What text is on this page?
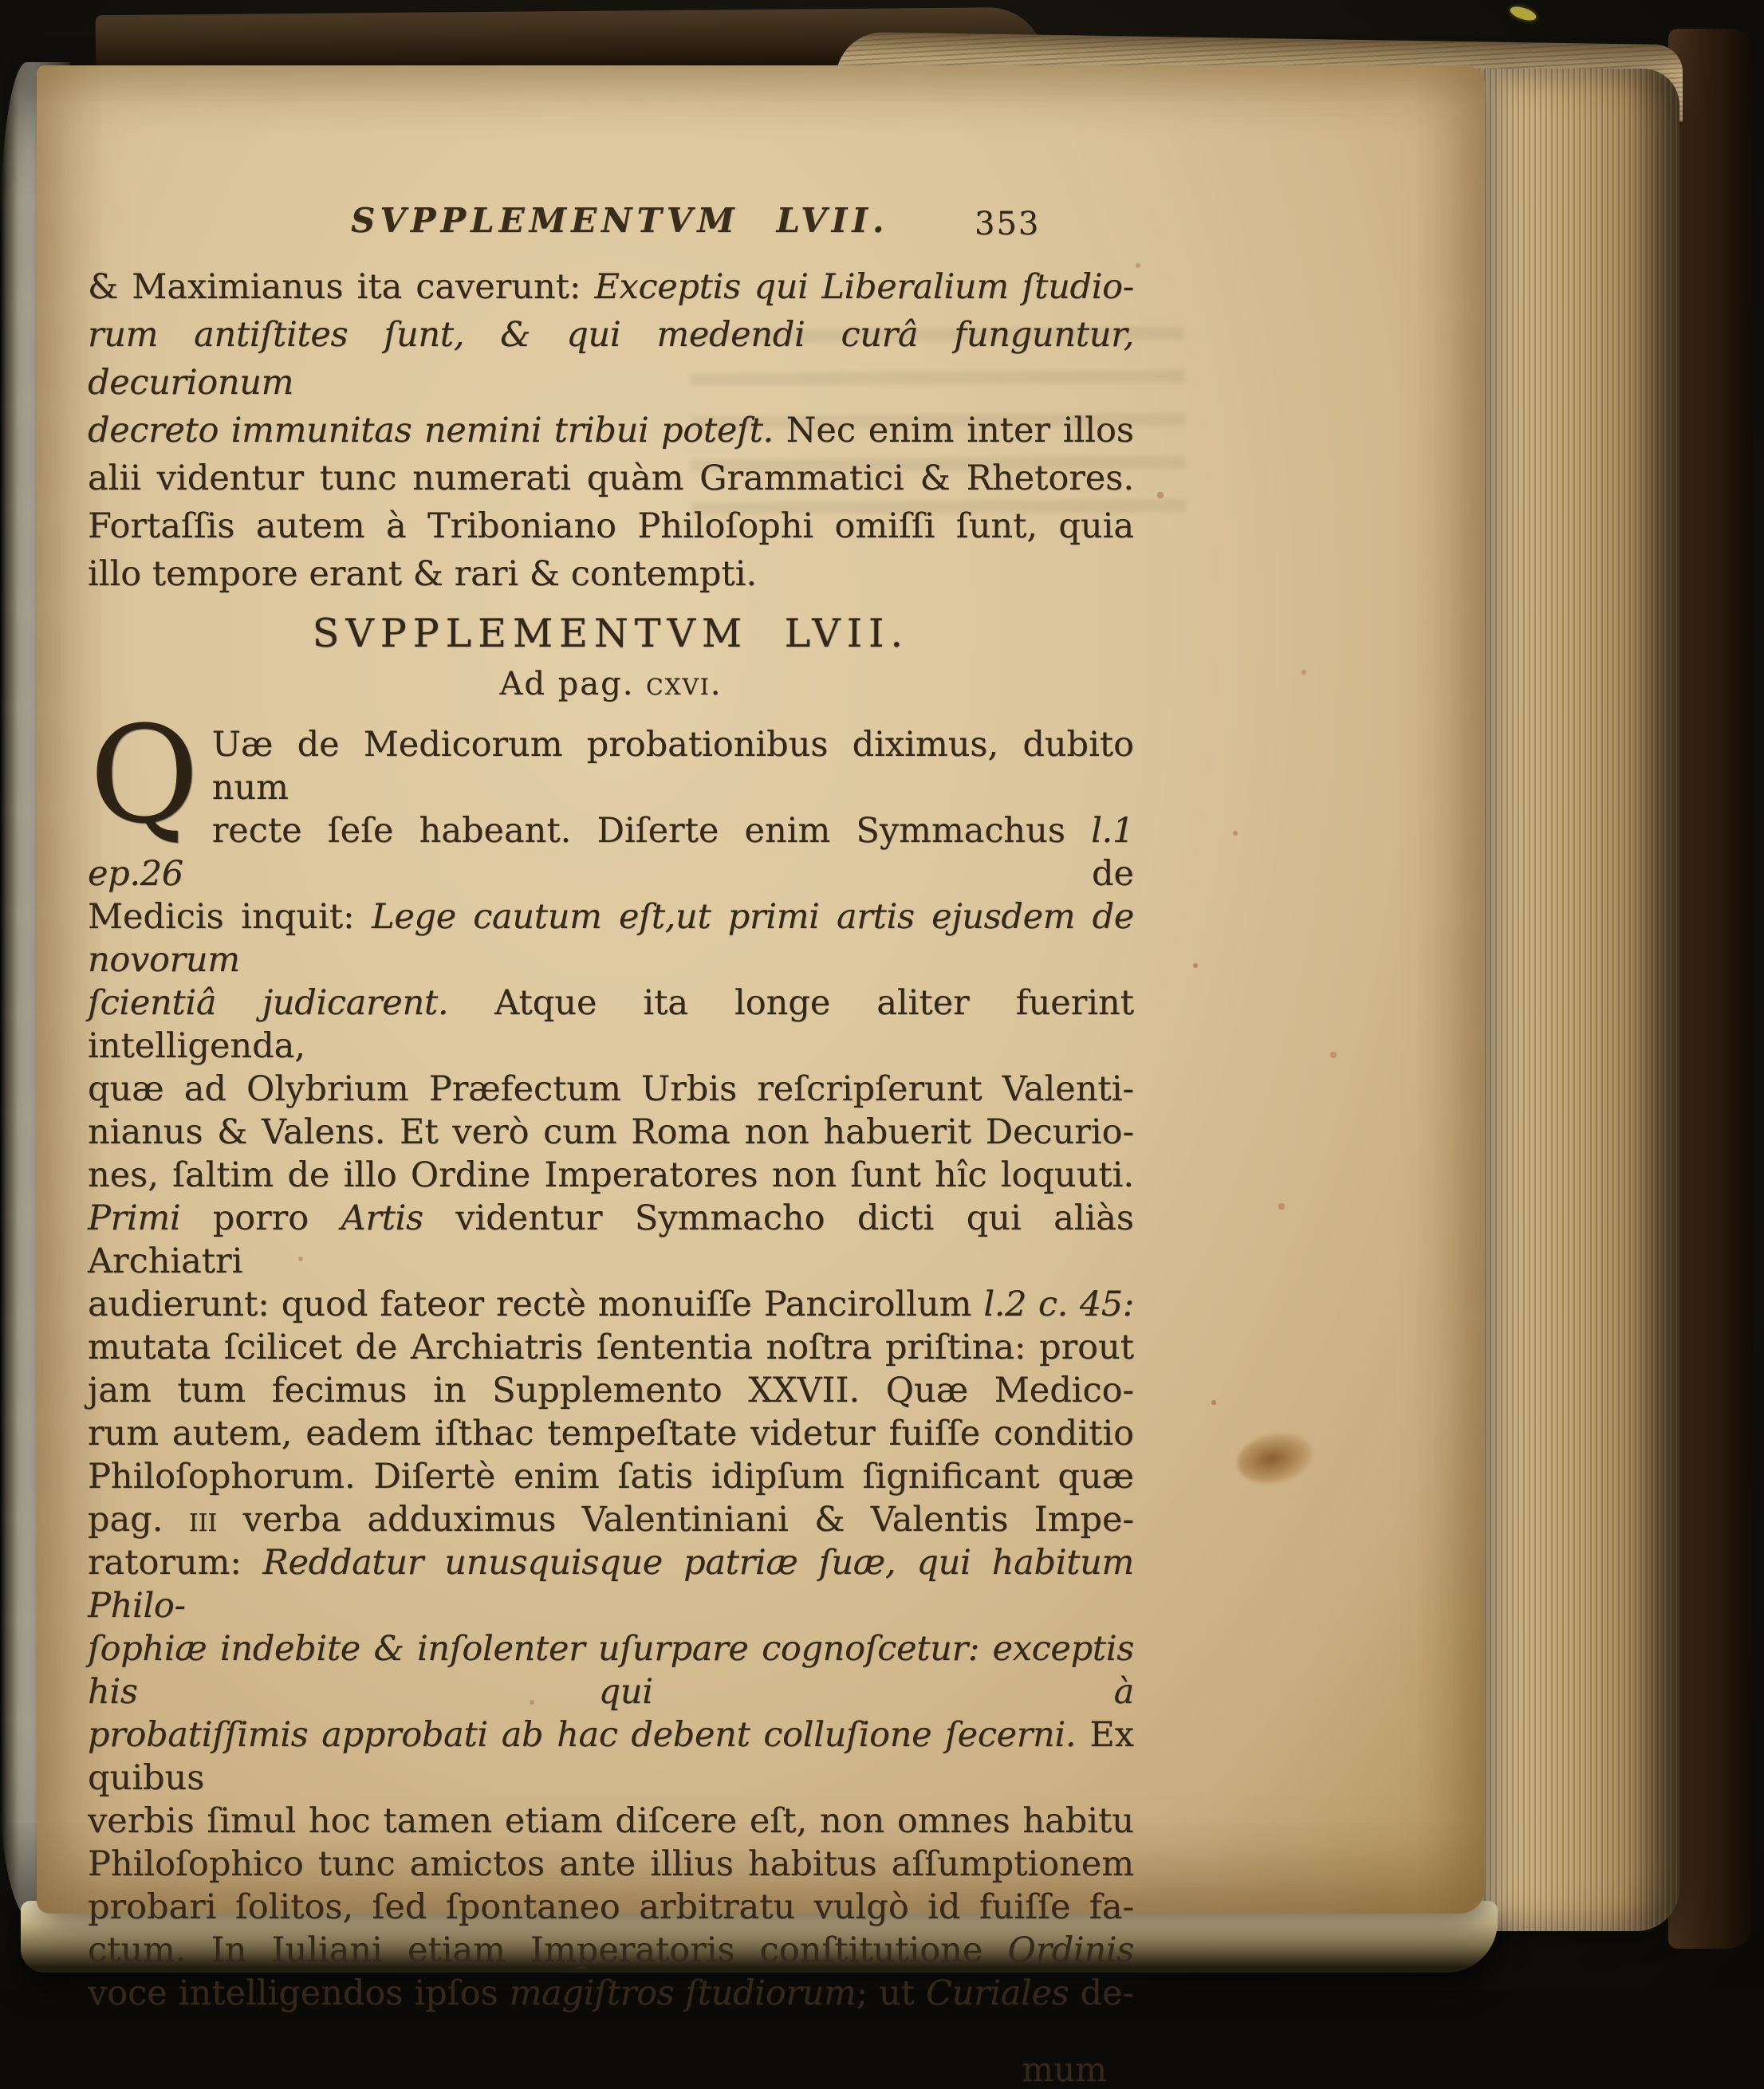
SVPPLEMENTVM LVII.	353
& Maximianus ita caverunt: Exceptis qui Liberalium ſtudio-
rum antiſtites ſunt, & qui medendi curâ funguntur, decurionum
decreto immunitas nemini tribui poteſt. Nec enim inter illos
alii videntur tunc numerati quàm Grammatici & Rhetores.
Fortaſſis autem à Triboniano Philoſophi omiſſi ſunt, quia
illo tempore erant & rari & contempti.
SVPPLEMENTVM LVII.
Ad pag. cxvi.
Q Uæ de Medicorum probationibus diximus, dubito num
recte ſeſe habeant. Diſerte enim Symmachus l.1 ep.26 de
Medicis inquit: Lege cautum eſt,ut primi artis ejusdem de novorum
ſcientiâ judicarent. Atque ita longe aliter fuerint intelligenda,
quæ ad Olybrium Præfectum Urbis reſcripſerunt Valenti-
nianus & Valens. Et verò cum Roma non habuerit Decurio-
nes, ſaltim de illo Ordine Imperatores non ſunt hîc loquuti.
Primi porro Artis videntur Symmacho dicti qui aliàs Archiatri
audierunt: quod fateor rectè monuiſſe Pancirollum l.2 c. 45:
mutata ſcilicet de Archiatris ſententia noſtra priſtina: prout
jam tum fecimus in Supplemento XXVII. Quæ Medico-
rum autem, eadem iſthac tempeſtate videtur fuiſſe conditio
Philoſophorum. Diſertè enim ſatis idipſum ſignificant quæ
pag. iii verba adduximus Valentiniani & Valentis Impe-
ratorum: Reddatur unusquisque patriæ ſuæ, qui habitum Philo-
ſophiæ indebite & inſolenter uſurpare cognoſcetur: exceptis his qui à
probatiſſimis approbati ab hac debent colluſione ſecerni. Ex quibus
verbis ſimul hoc tamen etiam diſcere eſt, non omnes habitu
Philoſophico tunc amictos ante illius habitus aſſumptionem
probari ſolitos, ſed ſpontaneo arbitratu vulgò id fuiſſe fa-
ctum. In Iuliani etiam Imperatoris conſtitutione Ordinis
voce intelligendos ipſos magiſtros ſtudiorum; ut Curiales de-
mum
